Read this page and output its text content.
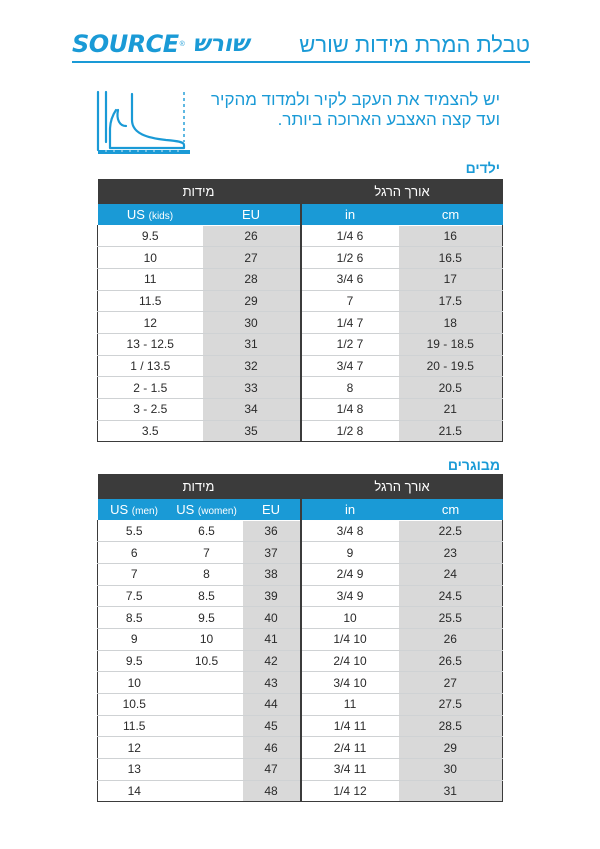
SOURCE ® שורש טבלת המרת מידות שורש
יש להצמיד את העקב לקיר ולמדוד מהקיר
ועד קצה האצבע הארוכה ביותר.
ילדים
אורך הרגל		מידות	
cm	in	EU	US (kids)
16	6 1/4	26	9.5
16.5	6 1/2	27	10
17	6 3/4	28	11
17.5	7	29	11.5
18	7 1/4	30	12
18.5 - 19	7 1/2	31	12.5 - 13
19.5 - 20	7 3/4	32	13.5 / 1
20.5	8	33	1.5 - 2
21	8 1/4	34	2.5 - 3
21.5	8 1/2	35	3.5
מבוגרים
אורך הרגל		מידות		
cm	in	EU	US (women)	US (men)
22.5	8 3/4	36	6.5	5.5
23	9	37	7	6
24	9 2/4	38	8	7
24.5	9 3/4	39	8.5	7.5
25.5	10	40	9.5	8.5
26	10 1/4	41	10	9
26.5	10 2/4	42	10.5	9.5
27	10 3/4	43		10
27.5	11	44		10.5
28.5	11 1/4	45		11.5
29	11 2/4	46		12
30	11 3/4	47		13
31	12 1/4	48		14
